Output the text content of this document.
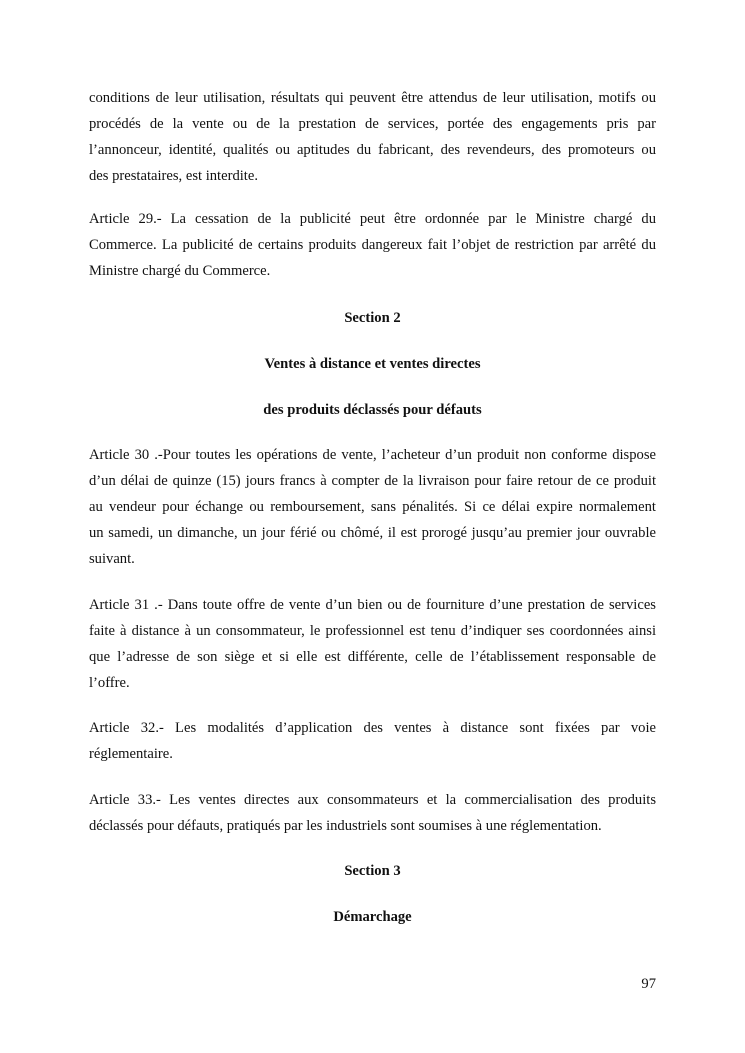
conditions de leur utilisation, résultats qui peuvent être attendus de leur utilisation, motifs ou
procédés de la vente ou de la prestation de services, portée des engagements pris par
l’annonceur, identité, qualités ou aptitudes du fabricant, des revendeurs, des promoteurs ou
des prestataires, est interdite.
Article 29.- La cessation de la publicité peut être ordonnée par le Ministre chargé du
Commerce. La publicité de certains produits dangereux fait l’objet de restriction par arrêté du
Ministre chargé du Commerce.
Section 2
Ventes à distance et ventes directes
des produits déclassés pour défauts
Article 30 .-Pour toutes les opérations de vente, l’acheteur d’un produit non conforme dispose
d’un délai de quinze (15) jours francs à compter de la livraison pour faire retour de ce produit
au vendeur pour échange ou remboursement, sans pénalités. Si ce délai expire normalement
un samedi, un dimanche, un jour férié ou chômé, il est prorogé jusqu’au premier jour ouvrable
suivant.
Article 31 .- Dans toute offre de vente d’un bien ou de fourniture d’une prestation de services
faite à distance à un consommateur, le professionnel est tenu d’indiquer ses coordonnées ainsi
que l’adresse de son siège et si elle est différente, celle de l’établissement responsable de
l’offre.
Article 32.- Les modalités d’application des ventes à distance sont fixées par voie
réglementaire.
Article 33.- Les ventes directes aux consommateurs et la commercialisation des produits
déclassés pour défauts, pratiqués par les industriels sont soumises à une réglementation.
Section 3
Démarchage
97
